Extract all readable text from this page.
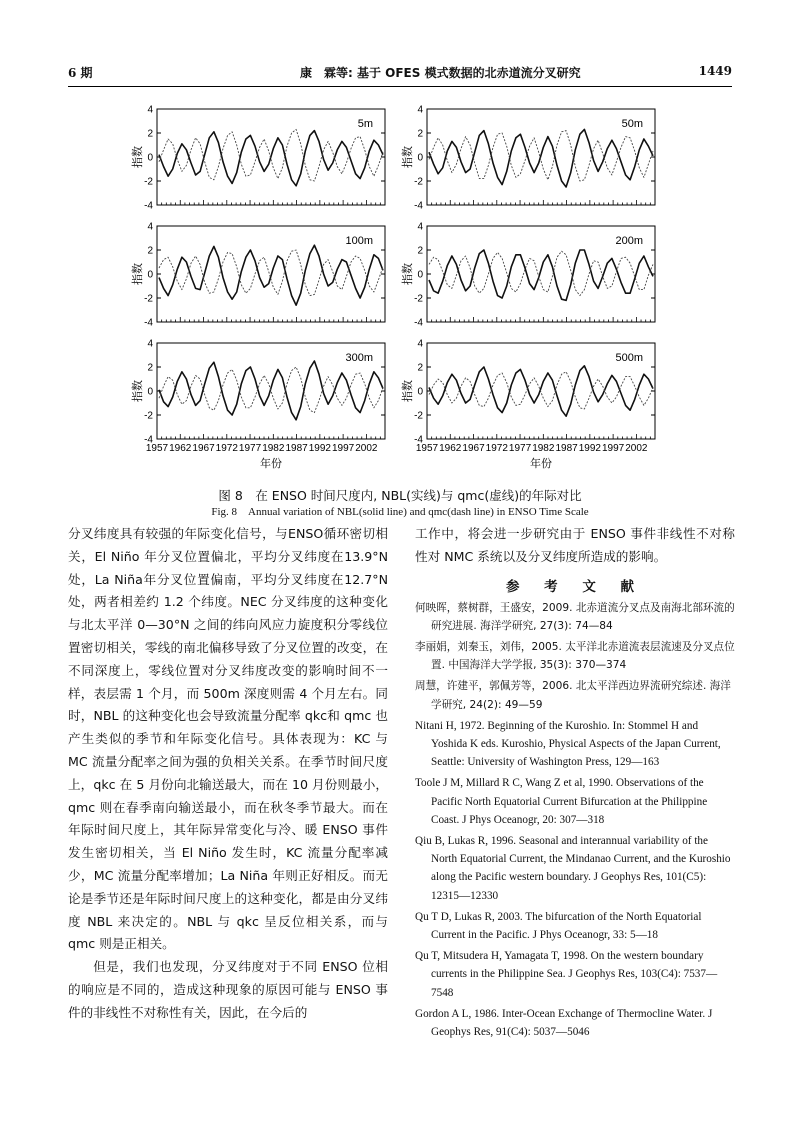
6 期	康　霖等: 基于 OFES 模式数据的北赤道流分叉研究	1449
-4
-2
0
2
4
指数
5m
-4
-2
0
2
4
指数
50m
-4
-2
0
2
4
指数
100m
-4
-2
0
2
4
指数
200m
-4
-2
0
2
4
指数
300m
1957 1962 1967 1972 1977 1982 1987 1992 1997 2002
年份
-4
-2
0
2
4
指数
500m
1957 1962 1967 1972 1977 1982 1987 1992 1997 2002
年份
图 8　在 ENSO 时间尺度内, NBL(实线)与 qmc(虚线)的年际对比
Fig. 8　Annual variation of NBL(solid line) and qmc(dash line) in ENSO Time Scale

分叉纬度具有较强的年际变化信号，与ENSO循环密切相关，El Niño 年分叉位置偏北，平均分叉纬度在13.9°N处，La Niña年分叉位置偏南，平均分叉纬度在12.7°N 处，两者相差约 1.2 个纬度。NEC 分叉纬度的这种变化与北太平洋 0—30°N 之间的纬向风应力旋度积分零线位置密切相关，零线的南北偏移导致了分叉位置的改变，在不同深度上，零线位置对分叉纬度改变的影响时间不一样，表层需 1 个月，而 500m 深度则需 4 个月左右。同时，NBL 的这种变化也会导致流量分配率 qkc和 qmc 也产生类似的季节和年际变化信号。具体表现为：KC 与 MC 流量分配率之间为强的负相关关系。在季节时间尺度上，qkc 在 5 月份向北输送最大，而在 10 月份则最小，qmc 则在春季南向输送最小，而在秋冬季节最大。而在年际时间尺度上，其年际异常变化与冷、暖 ENSO 事件发生密切相关，当 El Niño 发生时，KC 流量分配率减少，MC 流量分配率增加；La Niña 年则正好相反。而无论是季节还是年际时间尺度上的这种变化，都是由分叉纬度 NBL 来决定的。NBL 与 qkc 呈反位相关系，而与 qmc 则是正相关。

但是，我们也发现，分叉纬度对于不同 ENSO 位相的响应是不同的，造成这种现象的原因可能与 ENSO 事件的非线性不对称性有关，因此，在今后的

工作中，将会进一步研究由于 ENSO 事件非线性不对称性对 NMC 系统以及分叉纬度所造成的影响。

参 考 文 献

何映晖，蔡树群，王盛安，2009. 北赤道流分叉点及南海北部环流的研究进展. 海洋学研究, 27(3): 74—84

李丽娟，刘秦玉，刘伟，2005. 太平洋北赤道流表层流速及分叉点位置. 中国海洋大学学报, 35(3): 370—374

周慧，许建平，郭佩芳等，2006. 北太平洋西边界流研究综述. 海洋学研究, 24(2): 49—59

Nitani H, 1972. Beginning of the Kuroshio. In: Stommel H and Yoshida K eds. Kuroshio, Physical Aspects of the Japan Current, Seattle: University of Washington Press, 129—163

Toole J M, Millard R C, Wang Z et al, 1990. Observations of the Pacific North Equatorial Current Bifurcation at the Philippine Coast. J Phys Oceanogr, 20: 307—318

Qiu B, Lukas R, 1996. Seasonal and interannual variability of the North Equatorial Current, the Mindanao Current, and the Kuroshio along the Pacific western boundary. J Geophys Res, 101(C5): 12315—12330

Qu T D, Lukas R, 2003. The bifurcation of the North Equatorial Current in the Pacific. J Phys Oceanogr, 33: 5—18

Qu T, Mitsudera H, Yamagata T, 1998. On the western boundary currents in the Philippine Sea. J Geophys Res, 103(C4): 7537—7548

Gordon A L, 1986. Inter-Ocean Exchange of Thermocline Water. J Geophys Res, 91(C4): 5037—5046
